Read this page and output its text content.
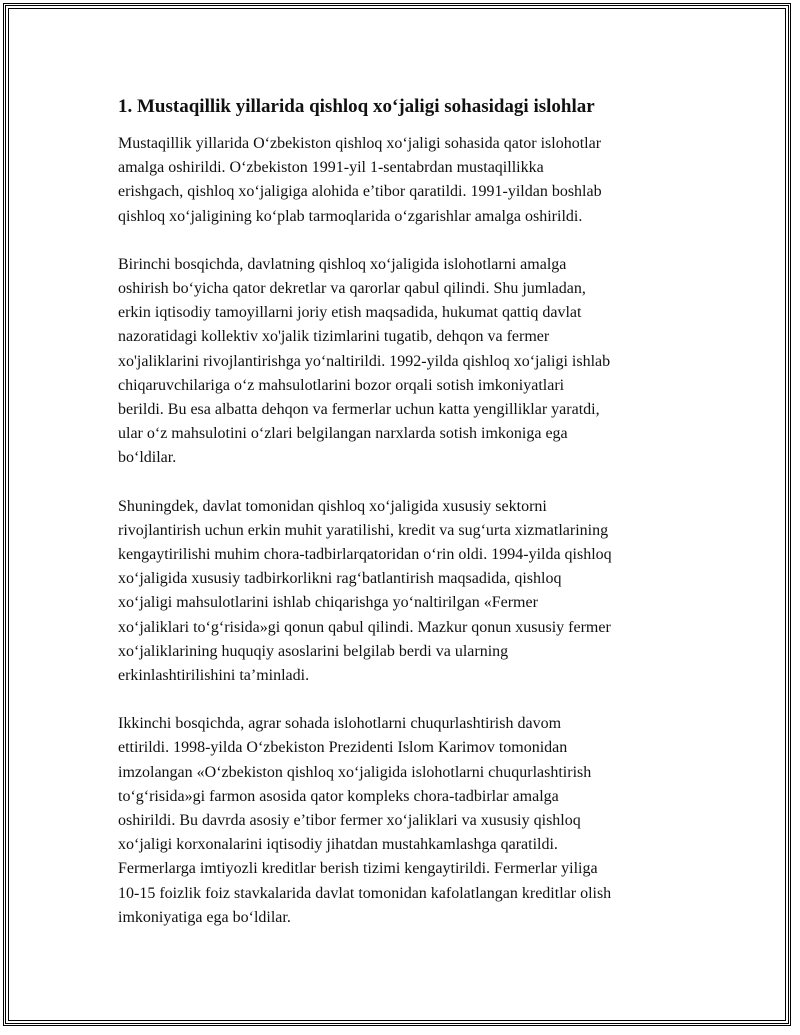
1. Mustaqillik yillarida qishloq xo‘jaligi sohasidagi islohlar

Mustaqillik yillarida O‘zbekiston qishloq xo‘jaligi sohasida qator islohotlar
amalga oshirildi. O‘zbekiston 1991-yil 1-sentabrdan mustaqillikka
erishgach, qishloq xo‘jaligiga alohida e’tibor qaratildi. 1991-yildan boshlab
qishloq xo‘jaligining ko‘plab tarmoqlarida o‘zgarishlar amalga oshirildi.

Birinchi bosqichda, davlatning qishloq xo‘jaligida islohotlarni amalga
oshirish bo‘yicha qator dekretlar va qarorlar qabul qilindi. Shu jumladan,
erkin iqtisodiy tamoyillarni joriy etish maqsadida, hukumat qattiq davlat
nazoratidagi kollektiv xo'jalik tizimlarini tugatib, dehqon va fermer
xo'jaliklarini rivojlantirishga yo‘naltirildi. 1992-yilda qishloq xo‘jaligi ishlab
chiqaruvchilariga o‘z mahsulotlarini bozor orqali sotish imkoniyatlari
berildi. Bu esa albatta dehqon va fermerlar uchun katta yengilliklar yaratdi,
ular o‘z mahsulotini o‘zlari belgilangan narxlarda sotish imkoniga ega
bo‘ldilar.

Shuningdek, davlat tomonidan qishloq xo‘jaligida xususiy sektorni
rivojlantirish uchun erkin muhit yaratilishi, kredit va sug‘urta xizmatlarining
kengaytirilishi muhim chora-tadbirlarqatoridan o‘rin oldi. 1994-yilda qishloq
xo‘jaligida xususiy tadbirkorlikni rag‘batlantirish maqsadida, qishloq
xo‘jaligi mahsulotlarini ishlab chiqarishga yo‘naltirilgan «Fermer
xo‘jaliklari to‘g‘risida»gi qonun qabul qilindi. Mazkur qonun xususiy fermer
xo‘jaliklarining huquqiy asoslarini belgilab berdi va ularning
erkinlashtirilishini ta’minladi.

Ikkinchi bosqichda, agrar sohada islohotlarni chuqurlashtirish davom
ettirildi. 1998-yilda O‘zbekiston Prezidenti Islom Karimov tomonidan
imzolangan «O‘zbekiston qishloq xo‘jaligida islohotlarni chuqurlashtirish
to‘g‘risida»gi farmon asosida qator kompleks chora-tadbirlar amalga
oshirildi. Bu davrda asosiy e’tibor fermer xo‘jaliklari va xususiy qishloq
xo‘jaligi korxonalarini iqtisodiy jihatdan mustahkamlashga qaratildi.
Fermerlarga imtiyozli kreditlar berish tizimi kengaytirildi. Fermerlar yiliga
10-15 foizlik foiz stavkalarida davlat tomonidan kafolatlangan kreditlar olish
imkoniyatiga ega bo‘ldilar.
